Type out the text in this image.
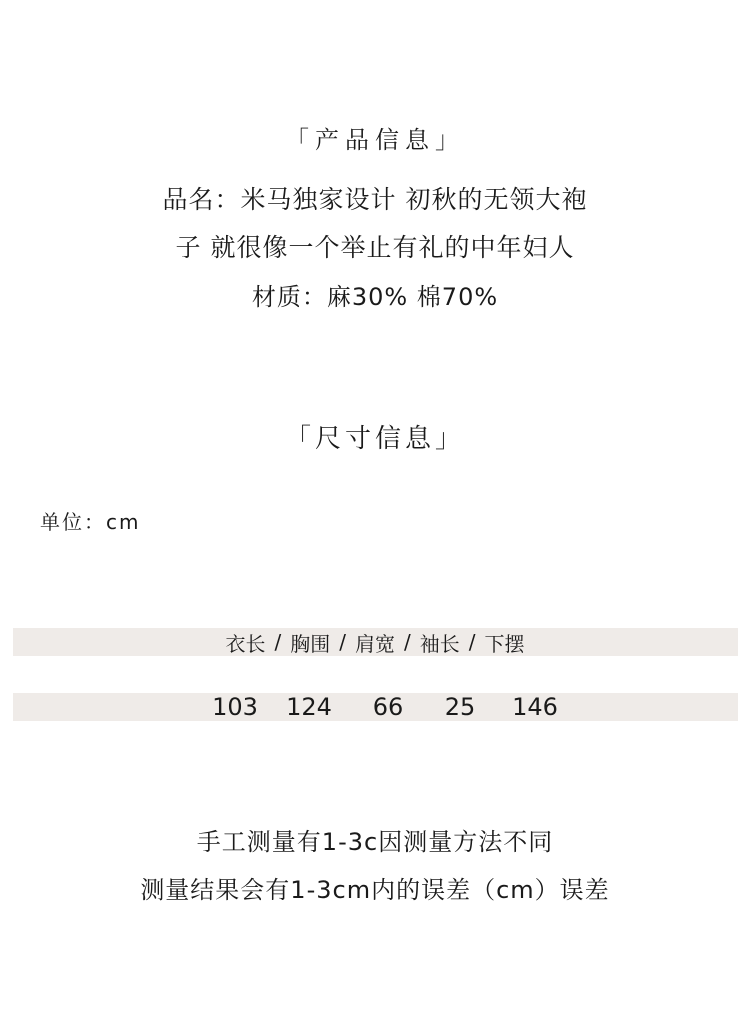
「产品信息」
品名：米马独家设计 初秋的无领大袍
子 就很像一个举止有礼的中年妇人
材质：麻30% 棉70%
「尺寸信息」
单位：cm
衣长 / 胸围 / 肩宽 / 袖长 / 下摆
103 124	66	25	146
手工测量有1-3c因测量方法不同
测量结果会有1-3cm内的误差（cm）误差
